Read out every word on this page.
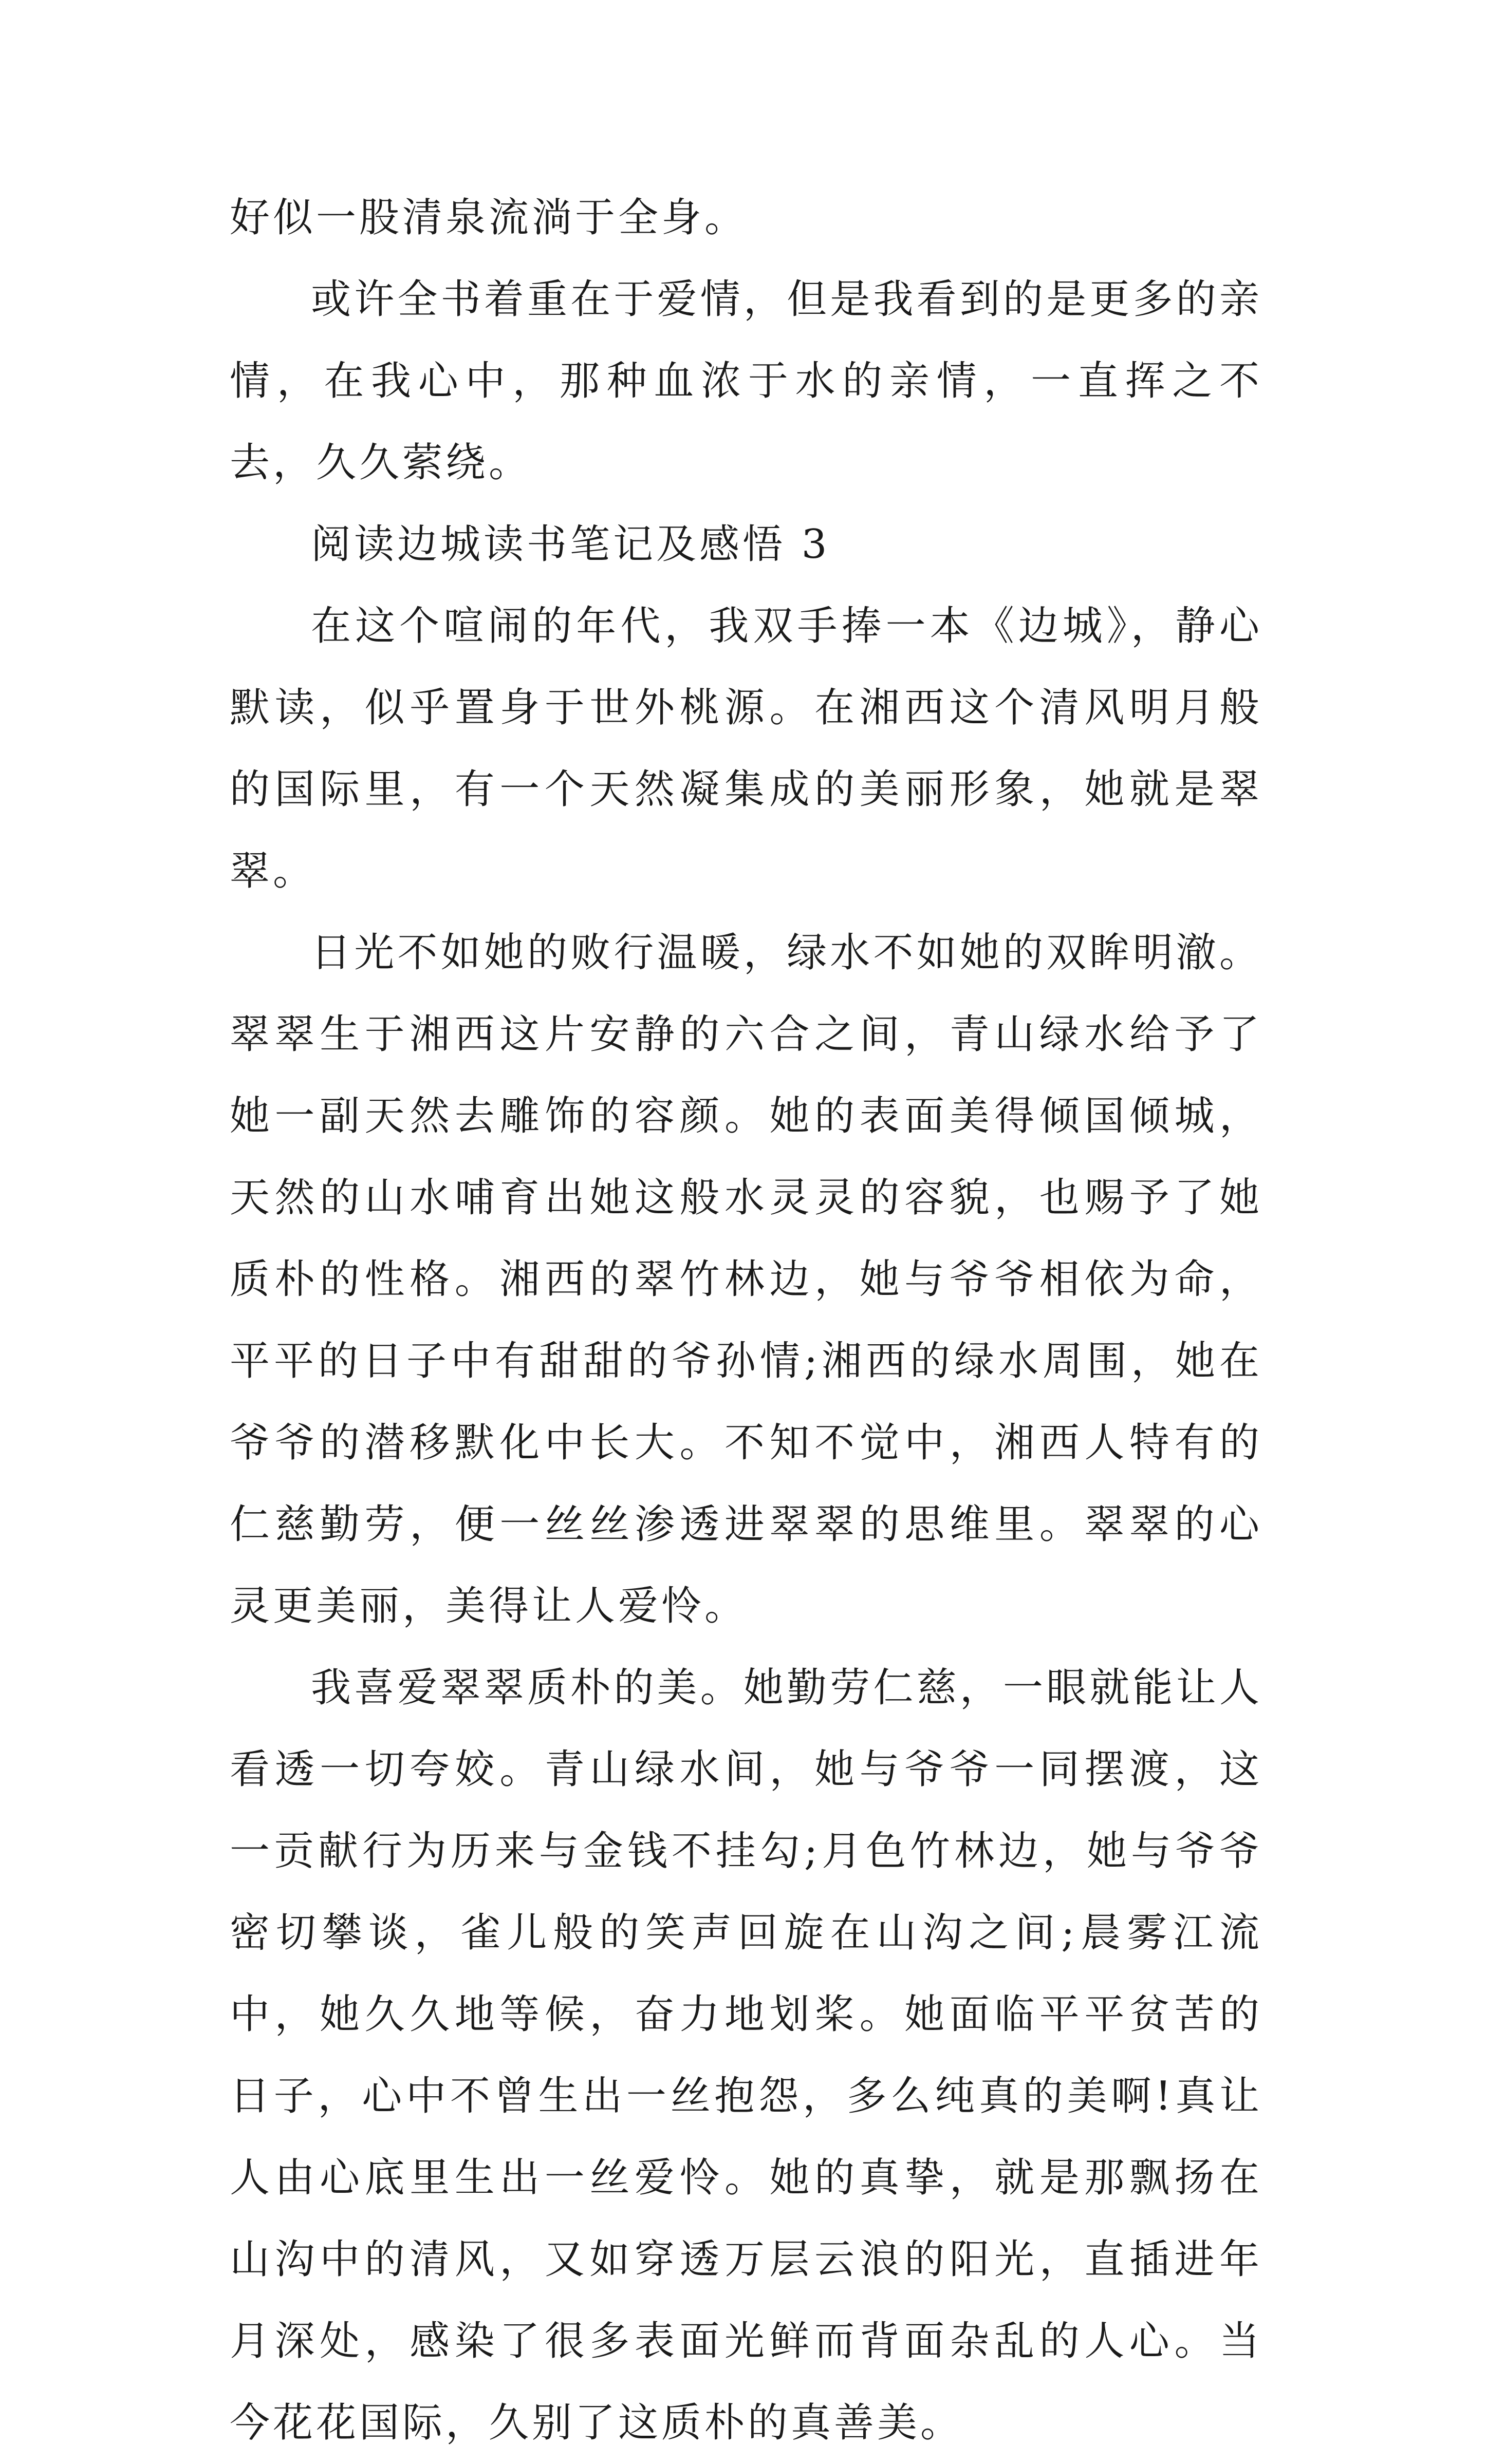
好似一股清泉流淌于全身。

或许全书着重在于爱情，但是我看到的是更多的亲情，在我心中，那种血浓于水的亲情，一直挥之不去，久久萦绕。

阅读边城读书笔记及感悟 3

在这个喧闹的年代，我双手捧一本《边城》，静心默读，似乎置身于世外桃源。在湘西这个清风明月般的国际里，有一个天然凝集成的美丽形象，她就是翠翠。

日光不如她的败行温暖，绿水不如她的双眸明澈。翠翠生于湘西这片安静的六合之间，青山绿水给予了她一副天然去雕饰的容颜。她的表面美得倾国倾城，天然的山水哺育出她这般水灵灵的容貌，也赐予了她质朴的性格。湘西的翠竹林边，她与爷爷相依为命，平平的日子中有甜甜的爷孙情;湘西的绿水周围，她在爷爷的潜移默化中长大。不知不觉中，湘西人特有的仁慈勤劳，便一丝丝渗透进翠翠的思维里。翠翠的心灵更美丽，美得让人爱怜。

我喜爱翠翠质朴的美。她勤劳仁慈，一眼就能让人看透一切夸姣。青山绿水间，她与爷爷一同摆渡，这一贡献行为历来与金钱不挂勾;月色竹林边，她与爷爷密切攀谈，雀儿般的笑声回旋在山沟之间;晨雾江流中，她久久地等候，奋力地划桨。她面临平平贫苦的日子，心中不曾生出一丝抱怨，多么纯真的美啊!真让人由心底里生出一丝爱怜。她的真挚，就是那飘扬在山沟中的清风，又如穿透万层云浪的阳光，直插进年月深处，感染了很多表面光鲜而背面杂乱的人心。当今花花国际，久别了这质朴的真善美。
